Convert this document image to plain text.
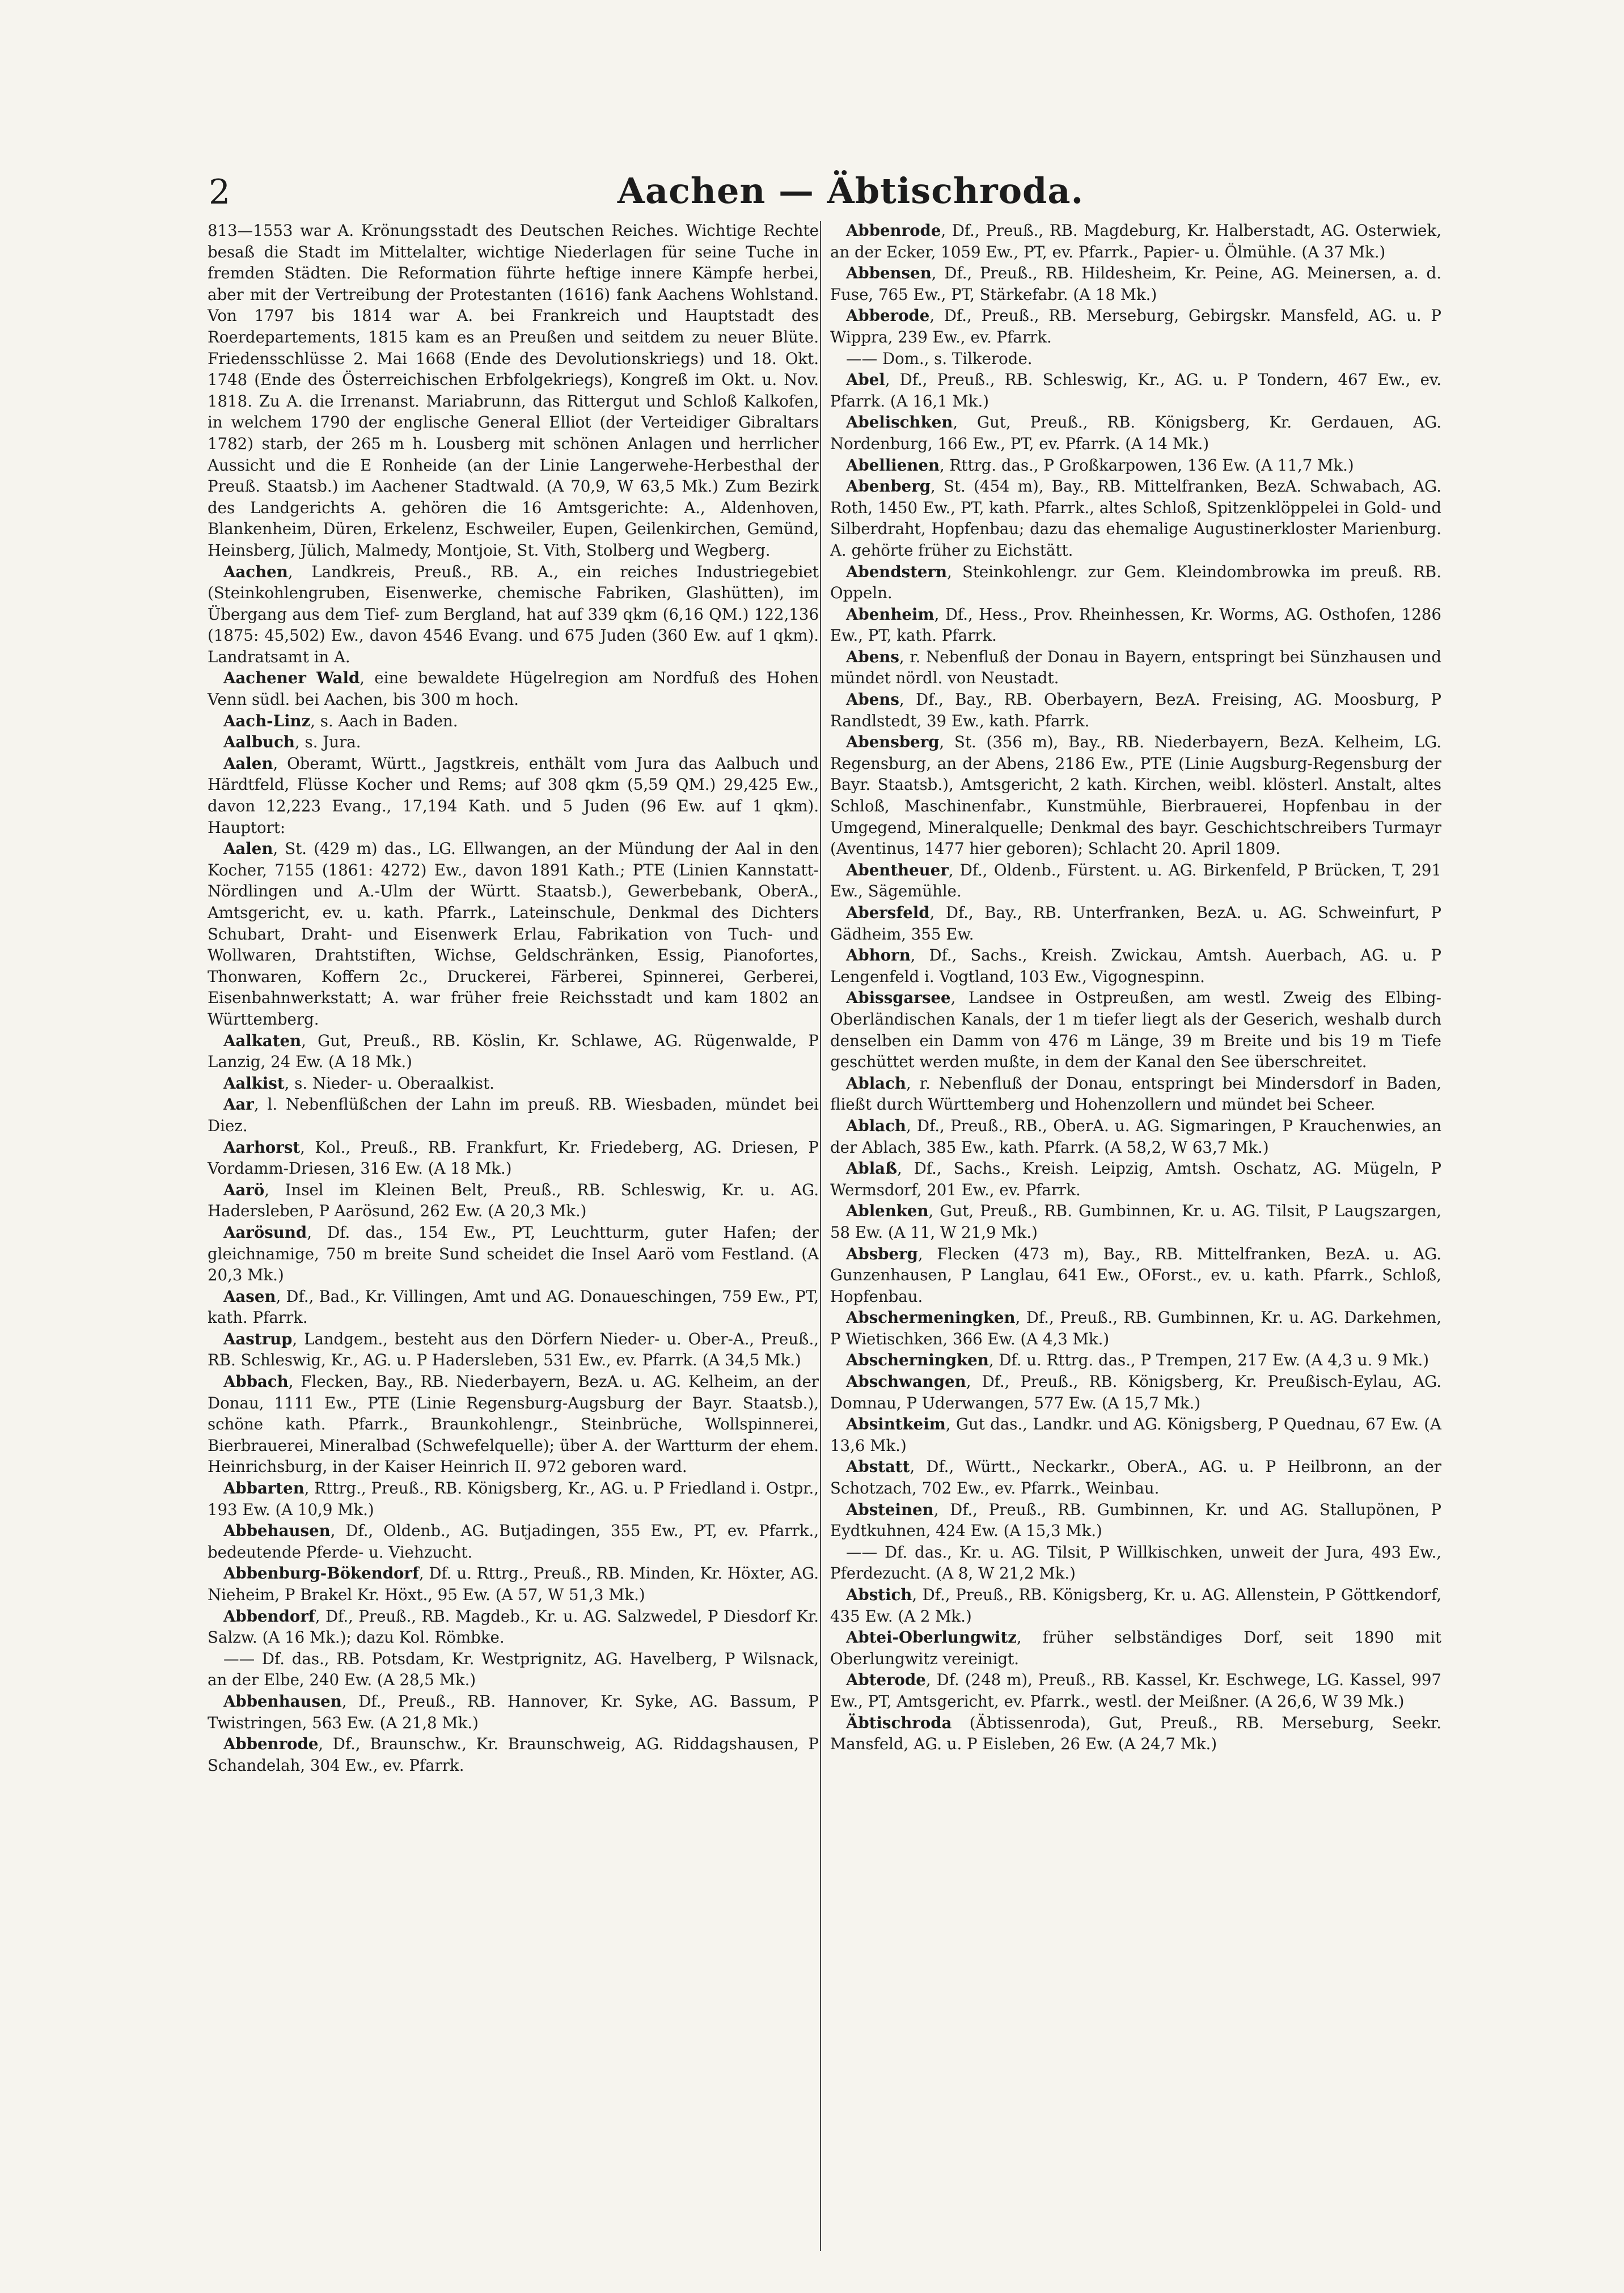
2	Aachen — Äbtischroda.

813—1553 war A. Krönungsstadt des Deutschen Reiches. Wichtige Rechte besaß die Stadt im Mittelalter, wichtige Niederlagen für seine Tuche in fremden Städten. Die Reformation führte heftige innere Kämpfe herbei, aber mit der Vertreibung der Protestanten (1616) fank Aachens Wohlstand. Von 1797 bis 1814 war A. bei Frankreich und Hauptstadt des Roerdepartements, 1815 kam es an Preußen und seitdem zu neuer Blüte. Friedensschlüsse 2. Mai 1668 (Ende des Devolutionskriegs) und 18. Okt. 1748 (Ende des Österreichischen Erbfolgekriegs), Kongreß im Okt. u. Nov. 1818. Zu A. die Irrenanst. Mariabrunn, das Rittergut und Schloß Kalkofen, in welchem 1790 der englische General Elliot (der Verteidiger Gibraltars 1782) starb, der 265 m h. Lousberg mit schönen Anlagen und herrlicher Aussicht und die E Ronheide (an der Linie Langerwehe-Herbesthal der Preuß. Staatsb.) im Aachener Stadtwald. (A 70,9, W 63,5 Mk.) Zum Bezirk des Landgerichts A. gehören die 16 Amtsgerichte: A., Aldenhoven, Blankenheim, Düren, Erkelenz, Eschweiler, Eupen, Geilenkirchen, Gemünd, Heinsberg, Jülich, Malmedy, Montjoie, St. Vith, Stolberg und Wegberg.

Aachen, Landkreis, Preuß., RB. A., ein reiches Industriegebiet (Steinkohlengruben, Eisenwerke, chemische Fabriken, Glashütten), im Übergang aus dem Tief- zum Bergland, hat auf 339 qkm (6,16 QM.) 122,136 (1875: 45,502) Ew., davon 4546 Evang. und 675 Juden (360 Ew. auf 1 qkm). Landratsamt in A.

Aachener Wald, eine bewaldete Hügelregion am Nordfuß des Hohen Venn südl. bei Aachen, bis 300 m hoch.

Aach-Linz, s. Aach in Baden.

Aalbuch, s. Jura.

Aalen, Oberamt, Württ., Jagstkreis, enthält vom Jura das Aalbuch und Härdtfeld, Flüsse Kocher und Rems; auf 308 qkm (5,59 QM.) 29,425 Ew., davon 12,223 Evang., 17,194 Kath. und 5 Juden (96 Ew. auf 1 qkm). Hauptort:

Aalen, St. (429 m) das., LG. Ellwangen, an der Mündung der Aal in den Kocher, 7155 (1861: 4272) Ew., davon 1891 Kath.; PTE (Linien Kannstatt-Nördlingen und A.-Ulm der Württ. Staatsb.), Gewerbebank, OberA., Amtsgericht, ev. u. kath. Pfarrk., Lateinschule, Denkmal des Dichters Schubart, Draht- und Eisenwerk Erlau, Fabrikation von Tuch- und Wollwaren, Drahtstiften, Wichse, Geldschränken, Essig, Pianofortes, Thonwaren, Koffern 2c., Druckerei, Färberei, Spinnerei, Gerberei, Eisenbahnwerkstatt; A. war früher freie Reichsstadt und kam 1802 an Württemberg.

Aalkaten, Gut, Preuß., RB. Köslin, Kr. Schlawe, AG. Rügenwalde, P Lanzig, 24 Ew. (A 18 Mk.)

Aalkist, s. Nieder- u. Oberaalkist.

Aar, l. Nebenflüßchen der Lahn im preuß. RB. Wiesbaden, mündet bei Diez.

Aarhorst, Kol., Preuß., RB. Frankfurt, Kr. Friedeberg, AG. Driesen, P Vordamm-Driesen, 316 Ew. (A 18 Mk.)

Aarö, Insel im Kleinen Belt, Preuß., RB. Schleswig, Kr. u. AG. Hadersleben, P Aarösund, 262 Ew. (A 20,3 Mk.)

Aarösund, Df. das., 154 Ew., PT, Leuchtturm, guter Hafen; der gleichnamige, 750 m breite Sund scheidet die Insel Aarö vom Festland. (A 20,3 Mk.)

Aasen, Df., Bad., Kr. Villingen, Amt und AG. Donaueschingen, 759 Ew., PT, kath. Pfarrk.

Aastrup, Landgem., besteht aus den Dörfern Nieder- u. Ober-A., Preuß., RB. Schleswig, Kr., AG. u. P Hadersleben, 531 Ew., ev. Pfarrk. (A 34,5 Mk.)

Abbach, Flecken, Bay., RB. Niederbayern, BezA. u. AG. Kelheim, an der Donau, 1111 Ew., PTE (Linie Regensburg-Augsburg der Bayr. Staatsb.), schöne kath. Pfarrk., Braunkohlengr., Steinbrüche, Wollspinnerei, Bierbrauerei, Mineralbad (Schwefelquelle); über A. der Wartturm der ehem. Heinrichsburg, in der Kaiser Heinrich II. 972 geboren ward.

Abbarten, Rttrg., Preuß., RB. Königsberg, Kr., AG. u. P Friedland i. Ostpr., 193 Ew. (A 10,9 Mk.)

Abbehausen, Df., Oldenb., AG. Butjadingen, 355 Ew., PT, ev. Pfarrk., bedeutende Pferde- u. Viehzucht.

Abbenburg-Bökendorf, Df. u. Rttrg., Preuß., RB. Minden, Kr. Höxter, AG. Nieheim, P Brakel Kr. Höxt., 95 Ew. (A 57, W 51,3 Mk.)

Abbendorf, Df., Preuß., RB. Magdeb., Kr. u. AG. Salzwedel, P Diesdorf Kr. Salzw. (A 16 Mk.); dazu Kol. Römbke.

—— Df. das., RB. Potsdam, Kr. Westprignitz, AG. Havelberg, P Wilsnack, an der Elbe, 240 Ew. (A 28,5 Mk.)

Abbenhausen, Df., Preuß., RB. Hannover, Kr. Syke, AG. Bassum, P Twistringen, 563 Ew. (A 21,8 Mk.)

Abbenrode, Df., Braunschw., Kr. Braunschweig, AG. Riddagshausen, P Schandelah, 304 Ew., ev. Pfarrk.

Abbenrode, Df., Preuß., RB. Magdeburg, Kr. Halberstadt, AG. Osterwiek, an der Ecker, 1059 Ew., PT, ev. Pfarrk., Papier- u. Ölmühle. (A 37 Mk.)

Abbensen, Df., Preuß., RB. Hildesheim, Kr. Peine, AG. Meinersen, a. d. Fuse, 765 Ew., PT, Stärkefabr. (A 18 Mk.)

Abberode, Df., Preuß., RB. Merseburg, Gebirgskr. Mansfeld, AG. u. P Wippra, 239 Ew., ev. Pfarrk.

—— Dom., s. Tilkerode.

Abel, Df., Preuß., RB. Schleswig, Kr., AG. u. P Tondern, 467 Ew., ev. Pfarrk. (A 16,1 Mk.)

Abelischken, Gut, Preuß., RB. Königsberg, Kr. Gerdauen, AG. Nordenburg, 166 Ew., PT, ev. Pfarrk. (A 14 Mk.)

Abellienen, Rttrg. das., P Großkarpowen, 136 Ew. (A 11,7 Mk.)

Abenberg, St. (454 m), Bay., RB. Mittelfranken, BezA. Schwabach, AG. Roth, 1450 Ew., PT, kath. Pfarrk., altes Schloß, Spitzenklöppelei in Gold- und Silberdraht, Hopfenbau; dazu das ehemalige Augustinerkloster Marienburg. A. gehörte früher zu Eichstätt.

Abendstern, Steinkohlengr. zur Gem. Kleindombrowka im preuß. RB. Oppeln.

Abenheim, Df., Hess., Prov. Rheinhessen, Kr. Worms, AG. Osthofen, 1286 Ew., PT, kath. Pfarrk.

Abens, r. Nebenfluß der Donau in Bayern, entspringt bei Sünzhausen und mündet nördl. von Neustadt.

Abens, Df., Bay., RB. Oberbayern, BezA. Freising, AG. Moosburg, P Randlstedt, 39 Ew., kath. Pfarrk.

Abensberg, St. (356 m), Bay., RB. Niederbayern, BezA. Kelheim, LG. Regensburg, an der Abens, 2186 Ew., PTE (Linie Augsburg-Regensburg der Bayr. Staatsb.), Amtsgericht, 2 kath. Kirchen, weibl. klösterl. Anstalt, altes Schloß, Maschinenfabr., Kunstmühle, Bierbrauerei, Hopfenbau in der Umgegend, Mineralquelle; Denkmal des bayr. Geschichtschreibers Turmayr (Aventinus, 1477 hier geboren); Schlacht 20. April 1809.

Abentheuer, Df., Oldenb., Fürstent. u. AG. Birkenfeld, P Brücken, T, 291 Ew., Sägemühle.

Abersfeld, Df., Bay., RB. Unterfranken, BezA. u. AG. Schweinfurt, P Gädheim, 355 Ew.

Abhorn, Df., Sachs., Kreish. Zwickau, Amtsh. Auerbach, AG. u. P Lengenfeld i. Vogtland, 103 Ew., Vigognespinn.

Abissgarsee, Landsee in Ostpreußen, am westl. Zweig des Elbing-Oberländischen Kanals, der 1 m tiefer liegt als der Geserich, weshalb durch denselben ein Damm von 476 m Länge, 39 m Breite und bis 19 m Tiefe geschüttet werden mußte, in dem der Kanal den See überschreitet.

Ablach, r. Nebenfluß der Donau, entspringt bei Mindersdorf in Baden, fließt durch Württemberg und Hohenzollern und mündet bei Scheer.

Ablach, Df., Preuß., RB., OberA. u. AG. Sigmaringen, P Krauchenwies, an der Ablach, 385 Ew., kath. Pfarrk. (A 58,2, W 63,7 Mk.)

Ablaß, Df., Sachs., Kreish. Leipzig, Amtsh. Oschatz, AG. Mügeln, P Wermsdorf, 201 Ew., ev. Pfarrk.

Ablenken, Gut, Preuß., RB. Gumbinnen, Kr. u. AG. Tilsit, P Laugszargen, 58 Ew. (A 11, W 21,9 Mk.)

Absberg, Flecken (473 m), Bay., RB. Mittelfranken, BezA. u. AG. Gunzenhausen, P Langlau, 641 Ew., OForst., ev. u. kath. Pfarrk., Schloß, Hopfenbau.

Abschermeningken, Df., Preuß., RB. Gumbinnen, Kr. u. AG. Darkehmen, P Wietischken, 366 Ew. (A 4,3 Mk.)

Abscherningken, Df. u. Rttrg. das., P Trempen, 217 Ew. (A 4,3 u. 9 Mk.)

Abschwangen, Df., Preuß., RB. Königsberg, Kr. Preußisch-Eylau, AG. Domnau, P Uderwangen, 577 Ew. (A 15,7 Mk.)

Absintkeim, Gut das., Landkr. und AG. Königsberg, P Quednau, 67 Ew. (A 13,6 Mk.)

Abstatt, Df., Württ., Neckarkr., OberA., AG. u. P Heilbronn, an der Schotzach, 702 Ew., ev. Pfarrk., Weinbau.

Absteinen, Df., Preuß., RB. Gumbinnen, Kr. und AG. Stallupönen, P Eydtkuhnen, 424 Ew. (A 15,3 Mk.)

—— Df. das., Kr. u. AG. Tilsit, P Willkischken, unweit der Jura, 493 Ew., Pferdezucht. (A 8, W 21,2 Mk.)

Abstich, Df., Preuß., RB. Königsberg, Kr. u. AG. Allenstein, P Göttkendorf, 435 Ew. (A 2 Mk.)

Abtei-Oberlungwitz, früher selbständiges Dorf, seit 1890 mit Oberlungwitz vereinigt.

Abterode, Df. (248 m), Preuß., RB. Kassel, Kr. Eschwege, LG. Kassel, 997 Ew., PT, Amtsgericht, ev. Pfarrk., westl. der Meißner. (A 26,6, W 39 Mk.)

Äbtischroda (Äbtissenroda), Gut, Preuß., RB. Merseburg, Seekr. Mansfeld, AG. u. P Eisleben, 26 Ew. (A 24,7 Mk.)
